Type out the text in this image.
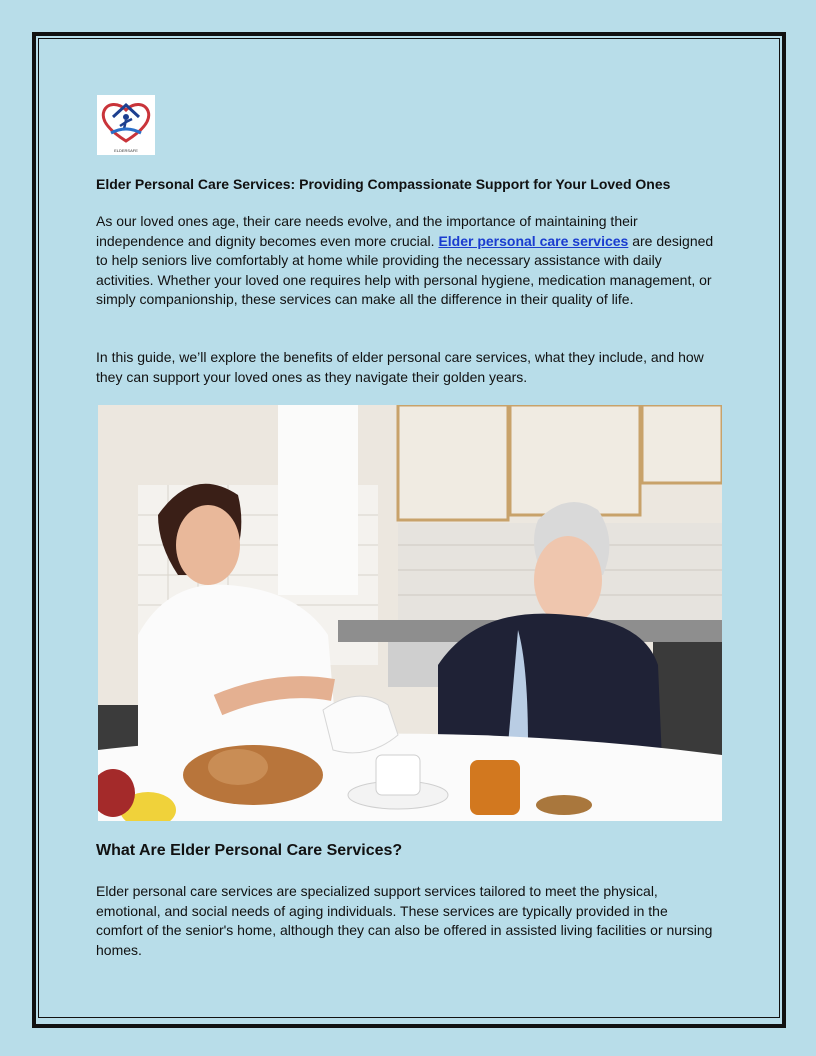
ELDERSAFE
Elder Personal Care Services: Providing Compassionate Support for Your Loved Ones

As our loved ones age, their care needs evolve, and the importance of maintaining their independence and dignity becomes even more crucial. Elder personal care services are designed to help seniors live comfortably at home while providing the necessary assistance with daily activities. Whether your loved one requires help with personal hygiene, medication management, or simply companionship, these services can make all the difference in their quality of life.

In this guide, we’ll explore the benefits of elder personal care services, what they include, and how they can support your loved ones as they navigate their golden years.

What Are Elder Personal Care Services?

Elder personal care services are specialized support services tailored to meet the physical, emotional, and social needs of aging individuals. These services are typically provided in the comfort of the senior's home, although they can also be offered in assisted living facilities or nursing homes.
